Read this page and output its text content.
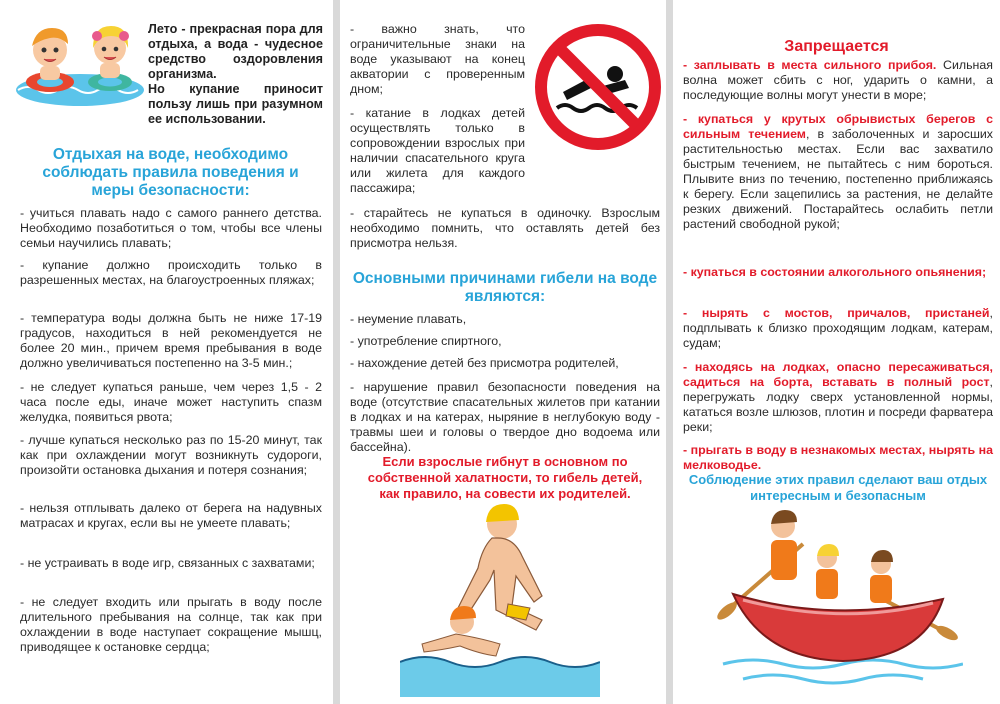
Лето - прекрасная пора для отдыха, а вода - чудесное средство оздоровления организма.

Но купание приносит пользу лишь при разумном ее использовании.

Отдыхая на воде, необходимо соблюдать правила поведения и меры безопасности:
- учиться плавать надо с самого раннего детства. Необходимо позаботиться о том, чтобы все члены семьи научились плавать;
- купание должно происходить только в разрешенных местах, на благоустроенных пляжах;
- температура воды должна быть не ниже 17-19 градусов, находиться в ней рекомендуется не более 20 мин., причем время пребывания в воде должно увеличиваться постепенно на 3-5 мин.;
- не следует купаться раньше, чем через 1,5 - 2 часа после еды, иначе может наступить спазм желудка, появиться рвота;
- лучше купаться несколько раз по 15-20 минут, так как при охлаждении могут возникнуть судороги, произойти остановка дыхания и потеря сознания;
- нельзя отплывать далеко от берега на надувных матрасах и кругах, если вы не умеете плавать;
- не устраивать в воде игр, связанных с захватами;
- не следует входить или прыгать в воду после длительного пребывания на солнце, так как при охлаждении в воде наступает сокращение мышц, приводящее к остановке сердца;
- важно знать, что ограничительные знаки на воде указывают на конец акватории с проверенным дном;
- катание в лодках детей осуществлять только в сопровождении взрослых при наличии спасательного круга или жилета для каждого пассажира;
- старайтесь не купаться в одиночку. Взрослым необходимо помнить, что оставлять детей без присмотра нельзя.
Основными причинами гибели на воде являются:
- неумение плавать,
- употребление спиртного,
- нахождение детей без присмотра родителей,
- нарушение правил безопасности поведения на воде (отсутствие спасательных жилетов при катании в лодках и на катерах, ныряние в неглубокую воду - травмы шеи и головы о твердое дно водоема или бассейна).
Если взрослые гибнут в основном по собственной халатности, то гибель детей, как правило, на совести их родителей.
Запрещается
- заплывать в места сильного прибоя. Сильная волна может сбить с ног, ударить о камни, а последующие волны могут унести в море;
- купаться у крутых обрывистых берегов с сильным течением, в заболоченных и заросших растительностью местах. Если вас захватило быстрым течением, не пытайтесь с ним бороться. Плывите вниз по течению, постепенно приближаясь к берегу. Если зацепились за растения, не делайте резких движений. Постарайтесь ослабить петли растений свободной рукой;
- купаться в состоянии алкогольного опьянения;
- нырять с мостов, причалов, пристаней, подплывать к близко проходящим лодкам, катерам, судам;
- находясь на лодках, опасно пересаживаться, садиться на борта, вставать в полный рост, перегружать лодку сверх установленной нормы, кататься возле шлюзов, плотин и посреди фарватера реки;
- прыгать в воду в незнакомых местах, нырять на мелководье.
Соблюдение этих правил сделают ваш отдых интересным и безопасным
